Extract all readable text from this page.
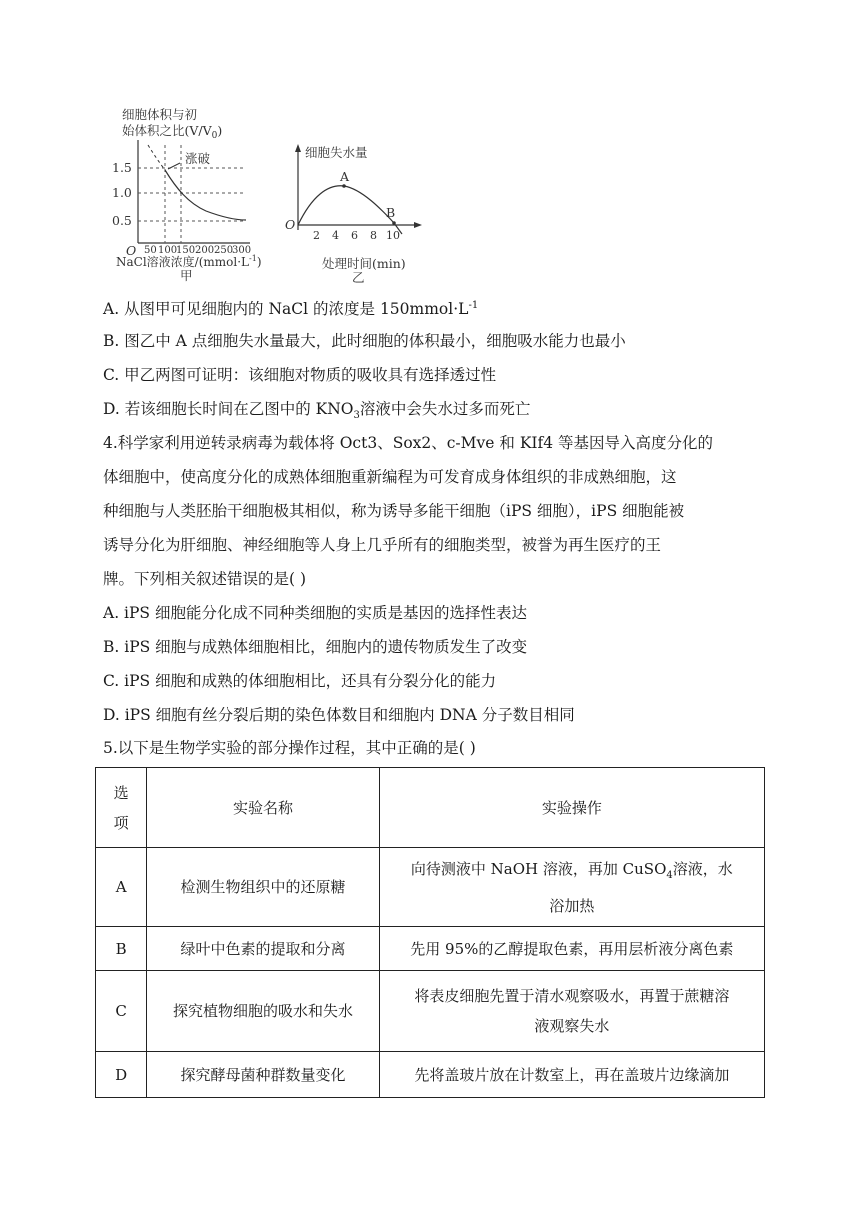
细胞体积与初
始体积之比$(V/V_0)$
1.5
1.0
0.5
涨破
O 50 100
150 200 250
300
NaCl溶液浓度$/(mmol\cdot L^{-1})$
甲
细胞失水量
O
A
B
2 4 6 8 10
处理时间(min)
乙
A. 从图甲可见细胞内的 NaCl 的浓度是 $150mmol\cdot L^{-1}$
B. 图乙中 A 点细胞失水量最大，此时细胞的体积最小，细胞吸水能力也最小
C. 甲乙两图可证明：该细胞对物质的吸收具有选择透过性
D. 若该细胞长时间在乙图中的 $KNO_3$溶液中会失水过多而死亡
4.科学家利用逆转录病毒为载体将 Oct3、Sox2、c-Mve 和 KIf4 等基因导入高度分化的
体细胞中，使高度分化的成熟体细胞重新编程为可发育成身体组织的非成熟细胞，这
种细胞与人类胚胎干细胞极其相似，称为诱导多能干细胞（iPS 细胞），iPS 细胞能被
诱导分化为肝细胞、神经细胞等人身上几乎所有的细胞类型，被誉为再生医疗的王
牌。下列相关叙述错误的是( )
A. iPS 细胞能分化成不同种类细胞的实质是基因的选择性表达
B. iPS 细胞与成熟体细胞相比，细胞内的遗传物质发生了改变
C. iPS 细胞和成熟的体细胞相比，还具有分裂分化的能力
D. iPS 细胞有丝分裂后期的染色体数目和细胞内 DNA 分子数目相同
5.以下是生物学实验的部分操作过程，其中正确的是( )
选
项	实验名称	实验操作
A	检测生物组织中的还原糖	向待测液中 NaOH 溶液，再加 CuSO$_4$溶液，水
浴加热
B	绿叶中色素的提取和分离	先用 95%的乙醇提取色素，再用层析液分离色素
C	探究植物细胞的吸水和失水	将表皮细胞先置于清水观察吸水，再置于蔗糖溶
液观察失水
D	探究酵母菌种群数量变化	先将盖玻片放在计数室上，再在盖玻片边缘滴加
